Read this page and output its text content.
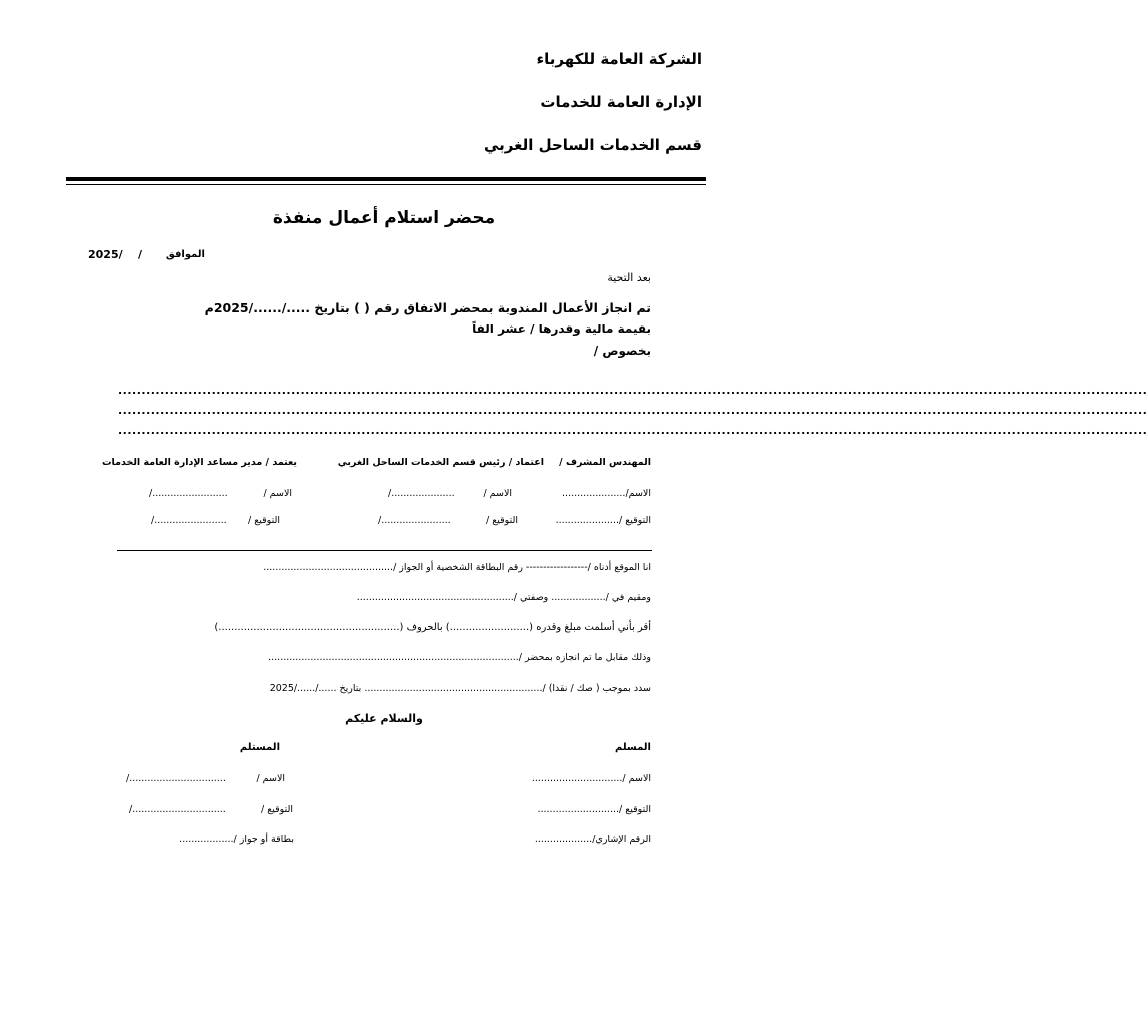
الشركة العامة للكهرباء
الإدارة العامة للخدمات
قسم الخدمات الساحل الغربي
محضر استلام أعمال منفذة
الموافق
/
2025/
بعد التحية
تم انجاز الأعمال المندوبة بمحضر الاتفاق رقم ( ) بتاريخ ...../....../2025م
بقيمة مالية وقدرها / عشر الفاً
بخصوص /
............................................................................................................................................................................................................................
............................................................................................................................................................................................................................
............................................................................................................................................................................................................................
المهندس المشرف /
اعتماد / رئيس قسم الخدمات الساحل الغربي
يعتمد / مدير مساعد الإدارة العامة الخدمات
الاسم/.....................
الاسم /
/.....................
الاسم /
/.........................
التوقيع /.....................
التوقيع /
/.......................
التوقيع /
/........................
انا الموقع أدناه /------------------ رقم البطاقة الشخصية أو الجواز /...........................................
ومقيم في /.................. وصفتي /....................................................
أقر بأني أسلمت مبلغ وقدره (.........................) بالحروف (.........................................................)
وذلك مقابل ما تم انجازه بمحضر /...................................................................................
سدد بموجب ( صك / نقدا) /........................................................... بتاريخ ....../....../2025
والسلام عليكم
المسلم
المستلم
الاسم /..............................
الاسم /
/................................
التوقيع /...........................
التوقيع /
/...............................
الرقم الإشاري/...................
بطاقة أو جواز /..................
